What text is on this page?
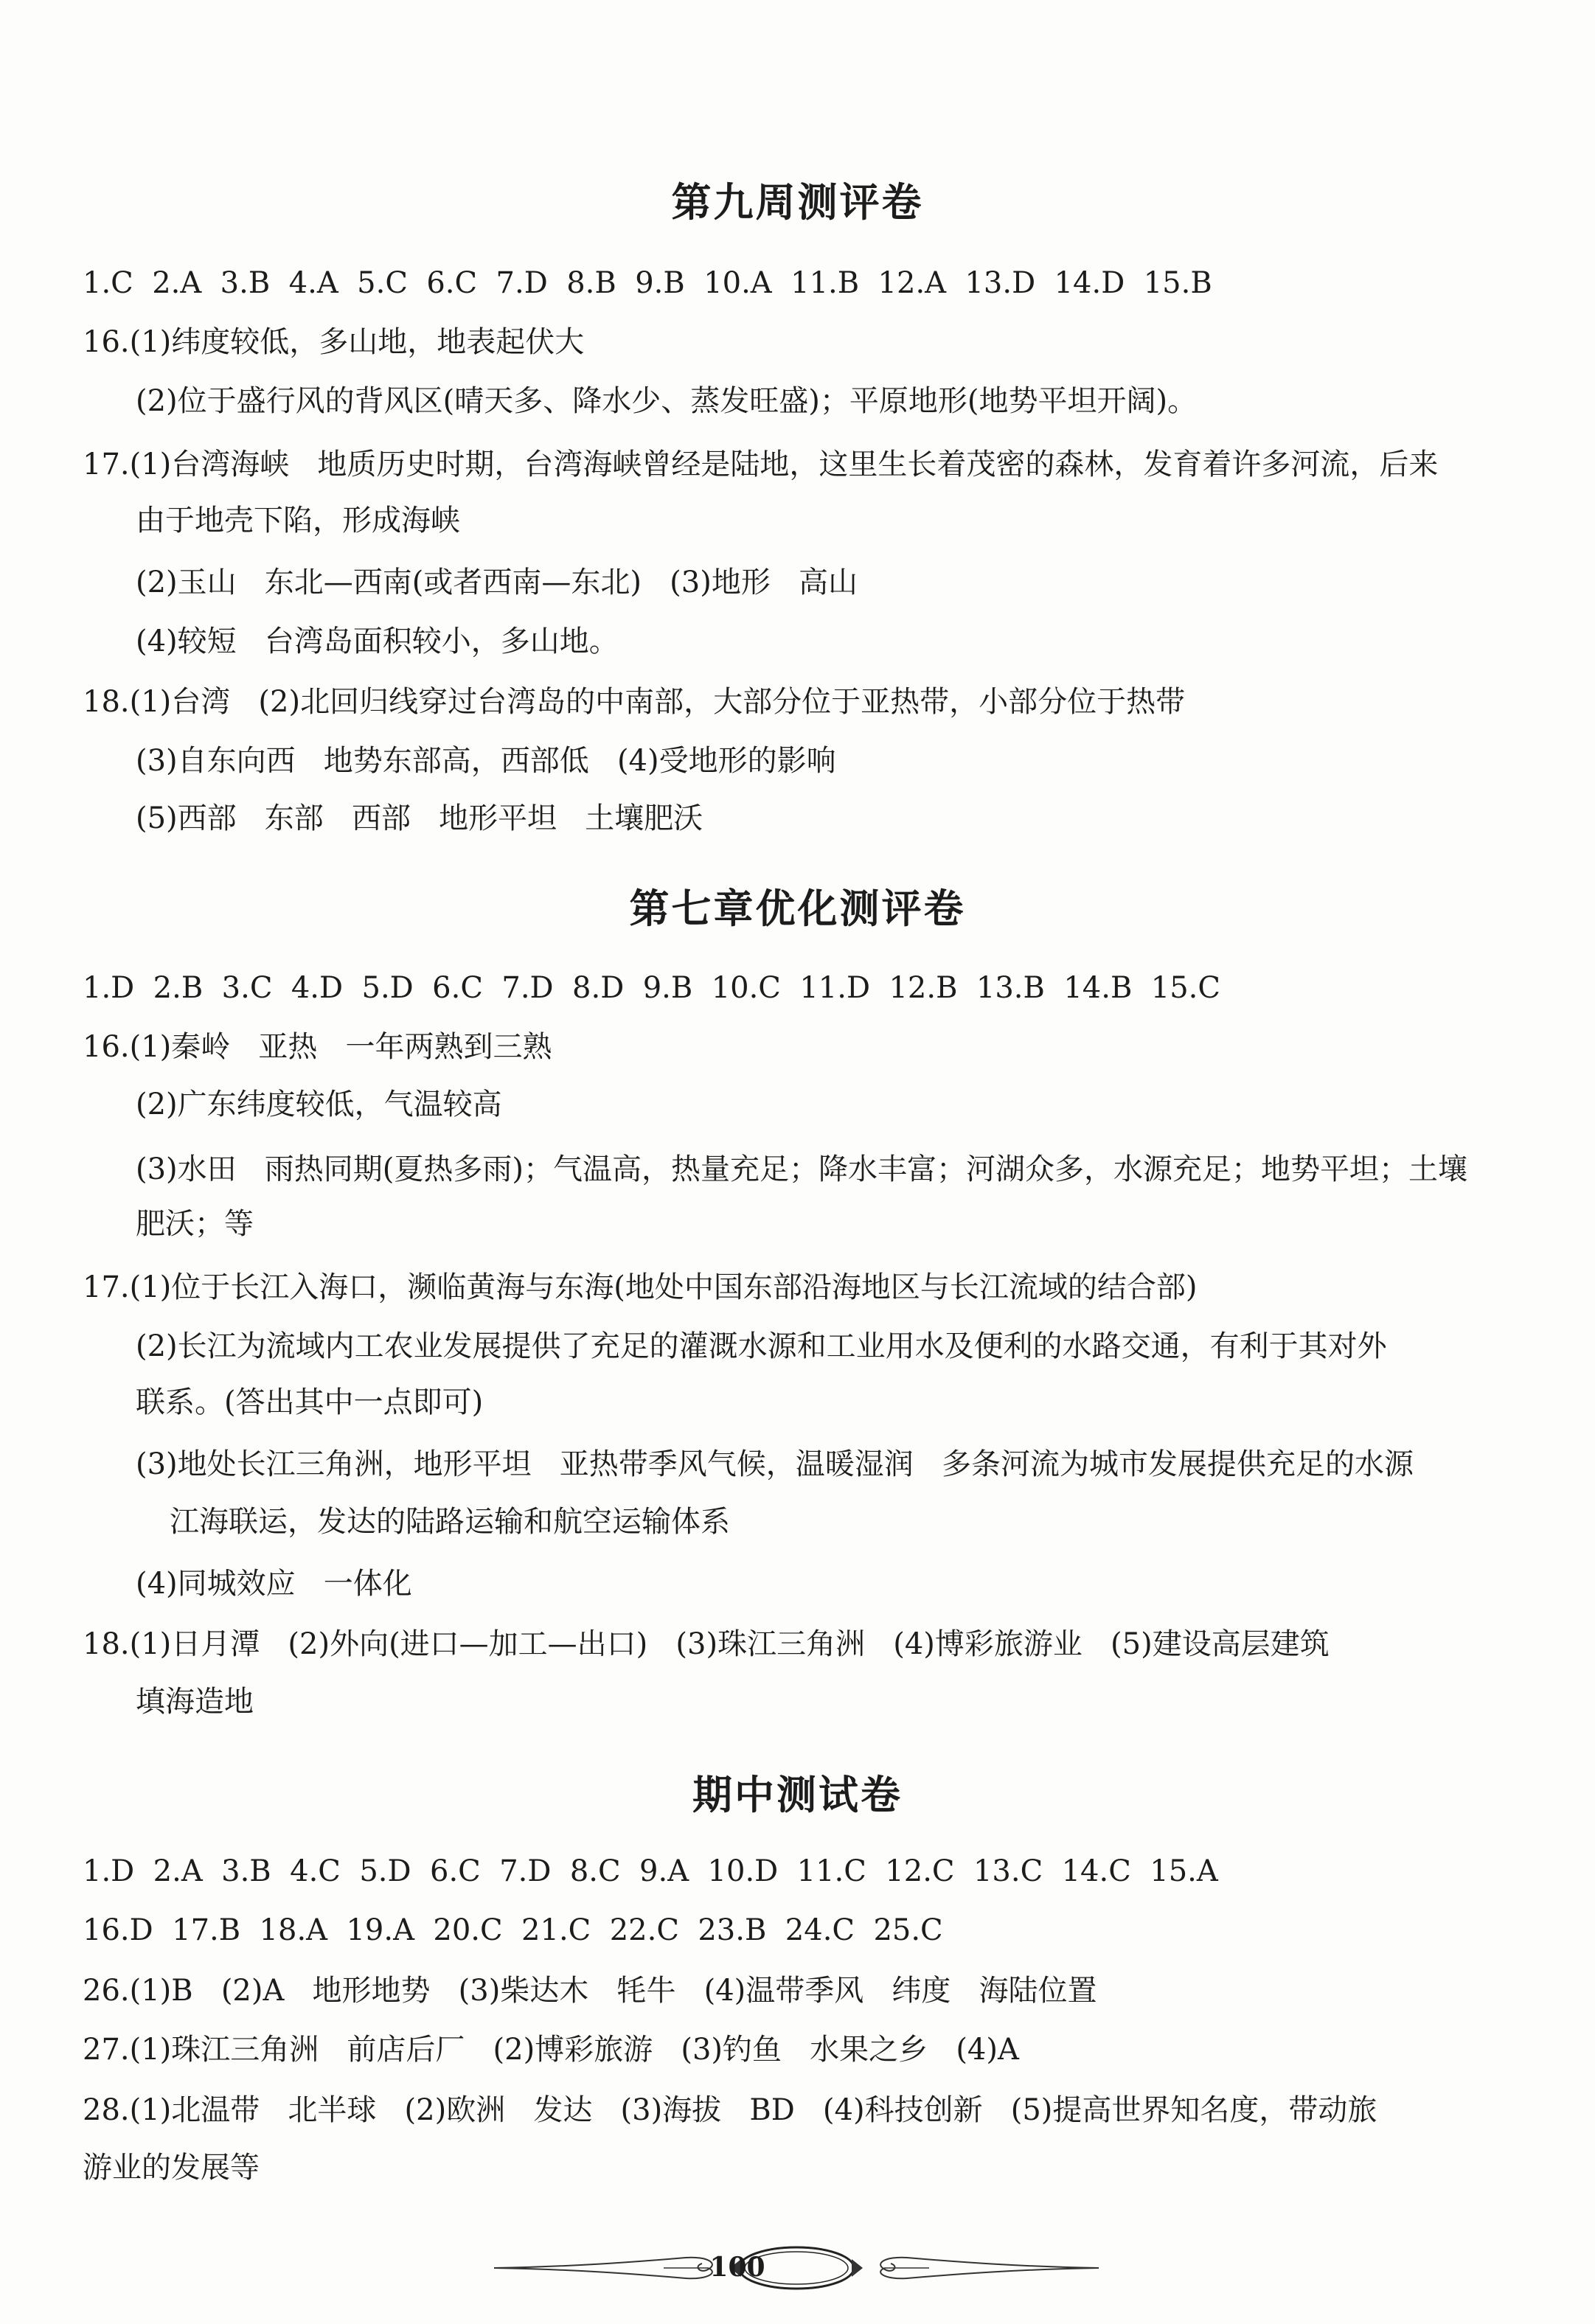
第九周测评卷

1.C  2.A  3.B  4.A  5.C  6.C  7.D  8.B  9.B  10.A  11.B  12.A  13.D  14.D  15.B

16.(1)纬度较低，多山地，地表起伏大

(2)位于盛行风的背风区(晴天多、降水少、蒸发旺盛)；平原地形(地势平坦开阔)。

17.(1)台湾海峡   地质历史时期，台湾海峡曾经是陆地，这里生长着茂密的森林，发育着许多河流，后来

由于地壳下陷，形成海峡

(2)玉山   东北—西南(或者西南—东北)   (3)地形   高山

(4)较短   台湾岛面积较小，多山地。

18.(1)台湾   (2)北回归线穿过台湾岛的中南部，大部分位于亚热带，小部分位于热带

(3)自东向西   地势东部高，西部低   (4)受地形的影响

(5)西部   东部   西部   地形平坦   土壤肥沃

第七章优化测评卷

1.D  2.B  3.C  4.D  5.D  6.C  7.D  8.D  9.B  10.C  11.D  12.B  13.B  14.B  15.C

16.(1)秦岭   亚热   一年两熟到三熟

(2)广东纬度较低，气温较高

(3)水田   雨热同期(夏热多雨)；气温高，热量充足；降水丰富；河湖众多，水源充足；地势平坦；土壤

肥沃；等

17.(1)位于长江入海口，濒临黄海与东海(地处中国东部沿海地区与长江流域的结合部)

(2)长江为流域内工农业发展提供了充足的灌溉水源和工业用水及便利的水路交通，有利于其对外

联系。(答出其中一点即可)

(3)地处长江三角洲，地形平坦   亚热带季风气候，温暖湿润   多条河流为城市发展提供充足的水源

江海联运，发达的陆路运输和航空运输体系

(4)同城效应   一体化

18.(1)日月潭   (2)外向(进口—加工—出口)   (3)珠江三角洲   (4)博彩旅游业   (5)建设高层建筑

填海造地

期中测试卷

1.D  2.A  3.B  4.C  5.D  6.C  7.D  8.C  9.A  10.D  11.C  12.C  13.C  14.C  15.A

16.D  17.B  18.A  19.A  20.C  21.C  22.C  23.B  24.C  25.C

26.(1)B   (2)A   地形地势   (3)柴达木   牦牛   (4)温带季风   纬度   海陆位置

27.(1)珠江三角洲   前店后厂   (2)博彩旅游   (3)钓鱼   水果之乡   (4)A

28.(1)北温带   北半球   (2)欧洲   发达   (3)海拔   BD   (4)科技创新   (5)提高世界知名度，带动旅

游业的发展等

100
